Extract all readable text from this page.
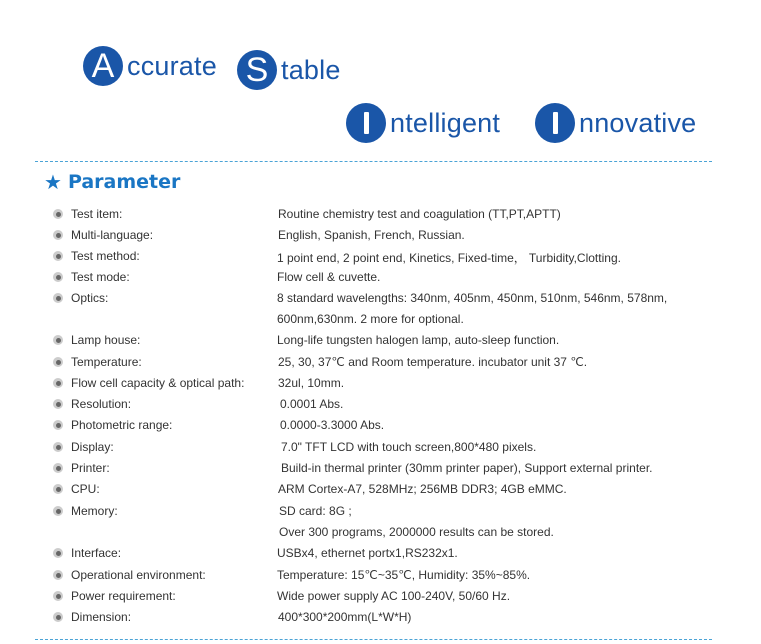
A ccurate S table
ntelligent	nnovative
★ Parameter
Test item:	Routine chemistry test and coagulation (TT,PT,APTT)
Multi-language:	English, Spanish, French, Russian.
Test method:	1 point end, 2 point end, Kinetics, Fixed-time， Turbidity,Clotting.
Test mode:	Flow cell & cuvette.
Optics:	8 standard wavelengths: 340nm, 405nm, 450nm, 510nm, 546nm, 578nm,
600nm,630nm. 2 more for optional.
Lamp house:	Long-life tungsten halogen lamp, auto-sleep function.
Temperature:	25, 30, 37℃ and Room temperature. incubator unit 37 ℃.
Flow cell capacity & optical path:	32ul, 10mm.
Resolution:	0.0001 Abs.
Photometric range:	0.0000-3.3000 Abs.
Display:	7.0" TFT LCD with touch screen,800*480 pixels.
Printer:	Build-in thermal printer (30mm printer paper), Support external printer.
CPU:	ARM Cortex-A7, 528MHz; 256MB DDR3; 4GB eMMC.
Memory:	SD card: 8G ;
Over 300 programs, 2000000 results can be stored.
Interface:	USBx4, ethernet portx1,RS232x1.
Operational environment:	Temperature: 15℃~35℃, Humidity: 35%~85%.
Power requirement:	Wide power supply AC 100-240V, 50/60 Hz.
Dimension:	400*300*200mm(L*W*H)
